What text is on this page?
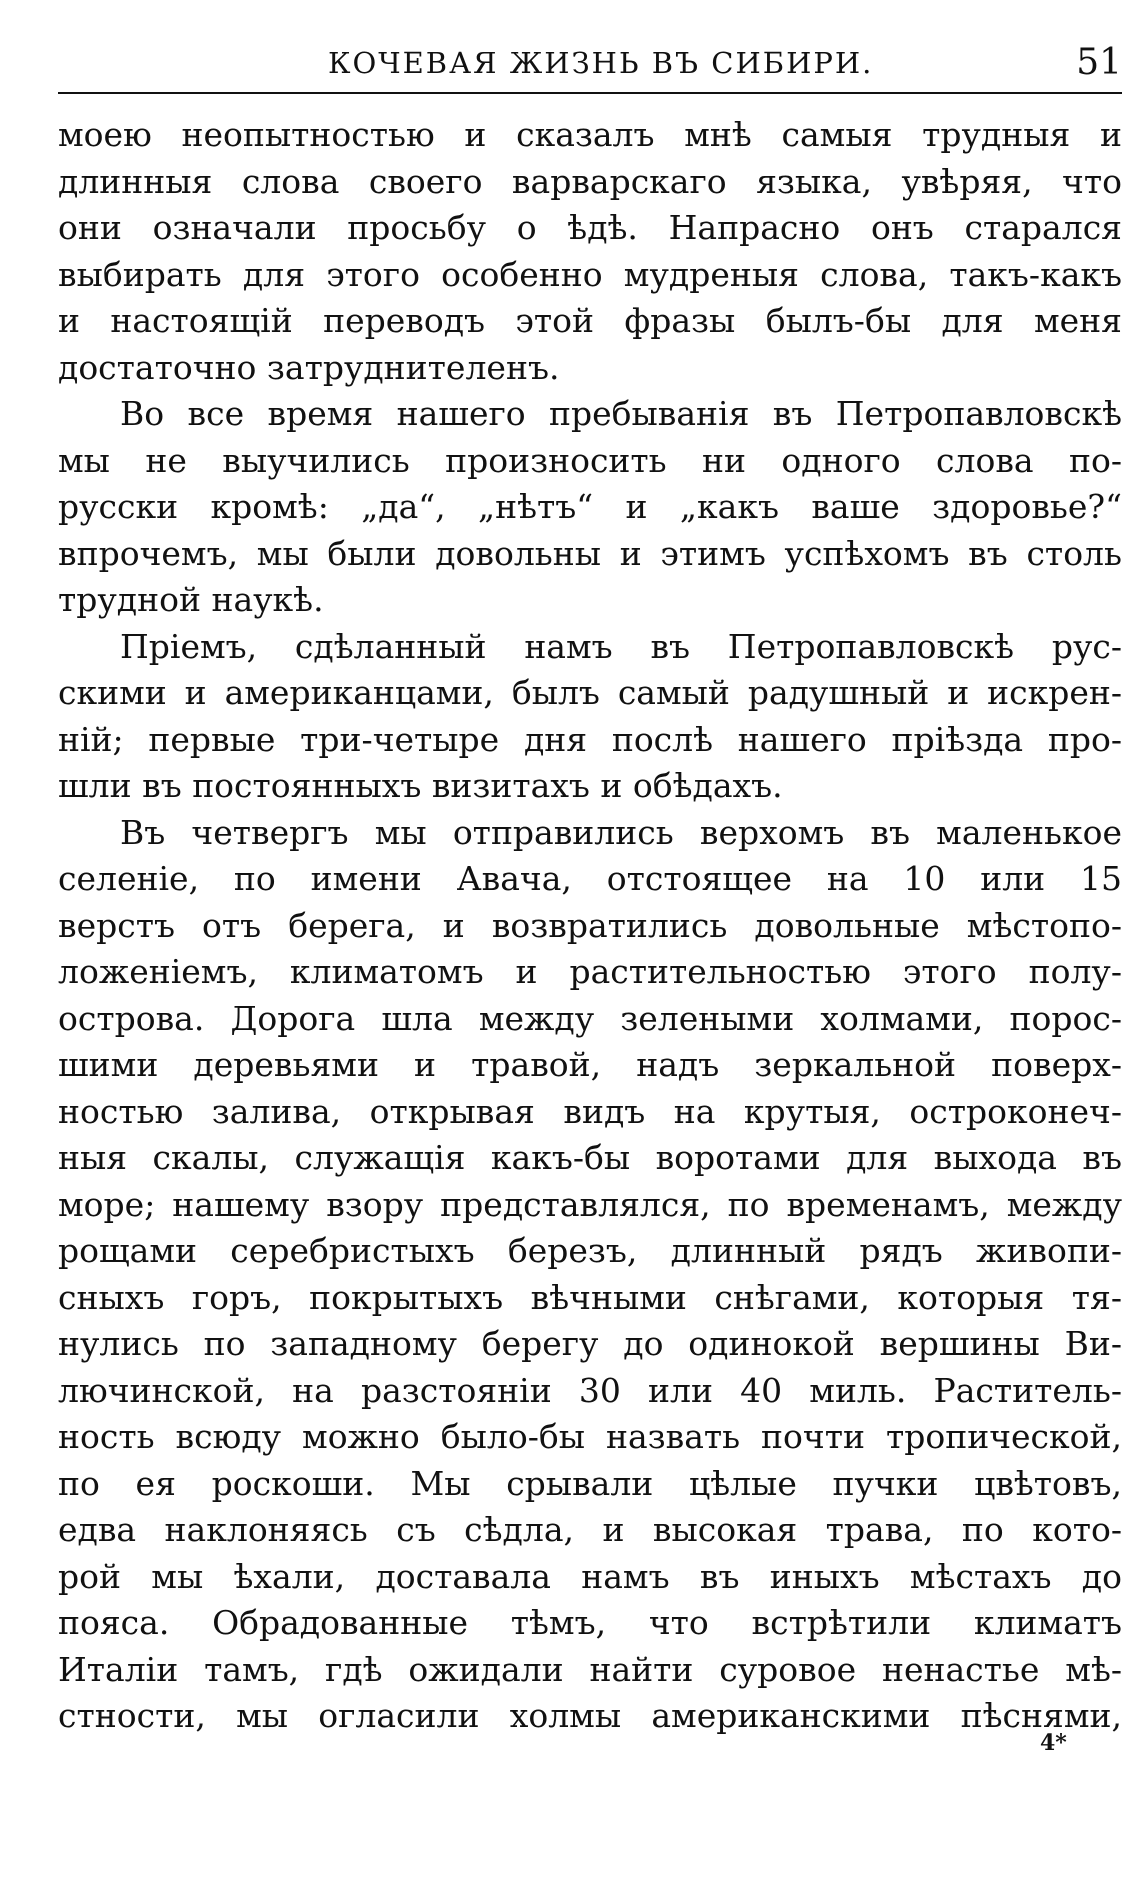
КОЧЕВАЯ ЖИЗНЬ ВЪ СИБИРИ.	51
моею неопытностью и сказалъ мнѣ самыя трудныя и
длинныя слова своего варварскаго языка, увѣряя, что
они означали просьбу о ѣдѣ. Напрасно онъ старался
выбирать для этого особенно мудреныя слова, такъ-какъ
и настоящій переводъ этой фразы былъ-бы для меня
достаточно затруднителенъ.
Во все время нашего пребыванія въ Петропавловскѣ
мы не выучились произносить ни одного слова по-
русски кромѣ: „да“, „нѣтъ“ и „какъ ваше здоровье?“
впрочемъ, мы были довольны и этимъ успѣхомъ въ столь
трудной наукѣ.
Пріемъ, сдѣланный намъ въ Петропавловскѣ рус-
скими и американцами, былъ самый радушный и искрен-
ній; первые три-четыре дня послѣ нашего пріѣзда про-
шли въ постоянныхъ визитахъ и обѣдахъ.
Въ четвергъ мы отправились верхомъ въ маленькое
селеніе, по имени Авача, отстоящее на 10 или 15
верстъ отъ берега, и возвратились довольные мѣстопо-
ложеніемъ, климатомъ и растительностью этого полу-
острова. Дорога шла между зелеными холмами, порос-
шими деревьями и травой, надъ зеркальной поверх-
ностью залива, открывая видъ на крутыя, остроконеч-
ныя скалы, служащія какъ-бы воротами для выхода въ
море; нашему взору представлялся, по временамъ, между
рощами серебристыхъ березъ, длинный рядъ живопи-
сныхъ горъ, покрытыхъ вѣчными снѣгами, которыя тя-
нулись по западному берегу до одинокой вершины Ви-
лючинской, на разстояніи 30 или 40 миль. Раститель-
ность всюду можно было-бы назвать почти тропической,
по ея роскоши. Мы срывали цѣлые пучки цвѣтовъ,
едва наклоняясь съ сѣдла, и высокая трава, по кото-
рой мы ѣхали, доставала намъ въ иныхъ мѣстахъ до
пояса. Обрадованные тѣмъ, что встрѣтили климатъ
Италіи тамъ, гдѣ ожидали найти суровое ненастье мѣ-
стности, мы огласили холмы американскими пѣснями,
4*
